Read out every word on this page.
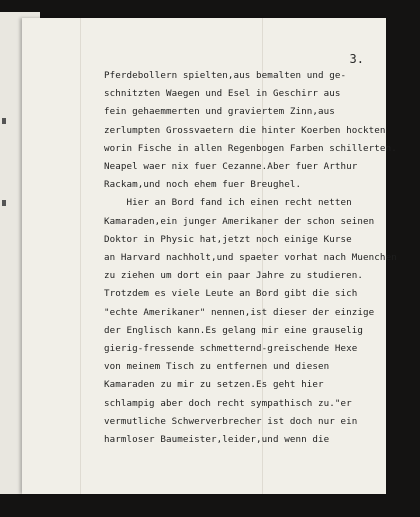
3.
Pferdebollern spielten,aus bemalten und ge-
schnitzten Waegen und Esel in Geschirr aus
fein gehaemmerten und graviertem Zinn,aus
zerlumpten Grossvaetern die hinter Koerben hockten
worin Fische in allen Regenbogen Farben schillerten.
Neapel waer nix fuer Cezanne.Aber fuer Arthur
Rackam,und noch ehem fuer Breughel.
Hier an Bord fand ich einen recht netten
Kamaraden,ein junger Amerikaner der schon seinen
Doktor in Physic hat,jetzt noch einige Kurse
an Harvard nachholt,und spaeter vorhat nach Muenchen
zu ziehen um dort ein paar Jahre zu studieren.
Trotzdem es viele Leute an Bord gibt die sich
"echte Amerikaner" nennen,ist dieser der einzige
der Englisch kann.Es gelang mir eine grauselig
gierig-fressende schmetternd-greischende Hexe
von meinem Tisch zu entfernen und diesen
Kamaraden zu mir zu setzen.Es geht hier
schlampig aber doch recht sympathisch zu."er
vermutliche Schwerverbrecher ist doch nur ein
harmloser Baumeister,leider,und wenn die
